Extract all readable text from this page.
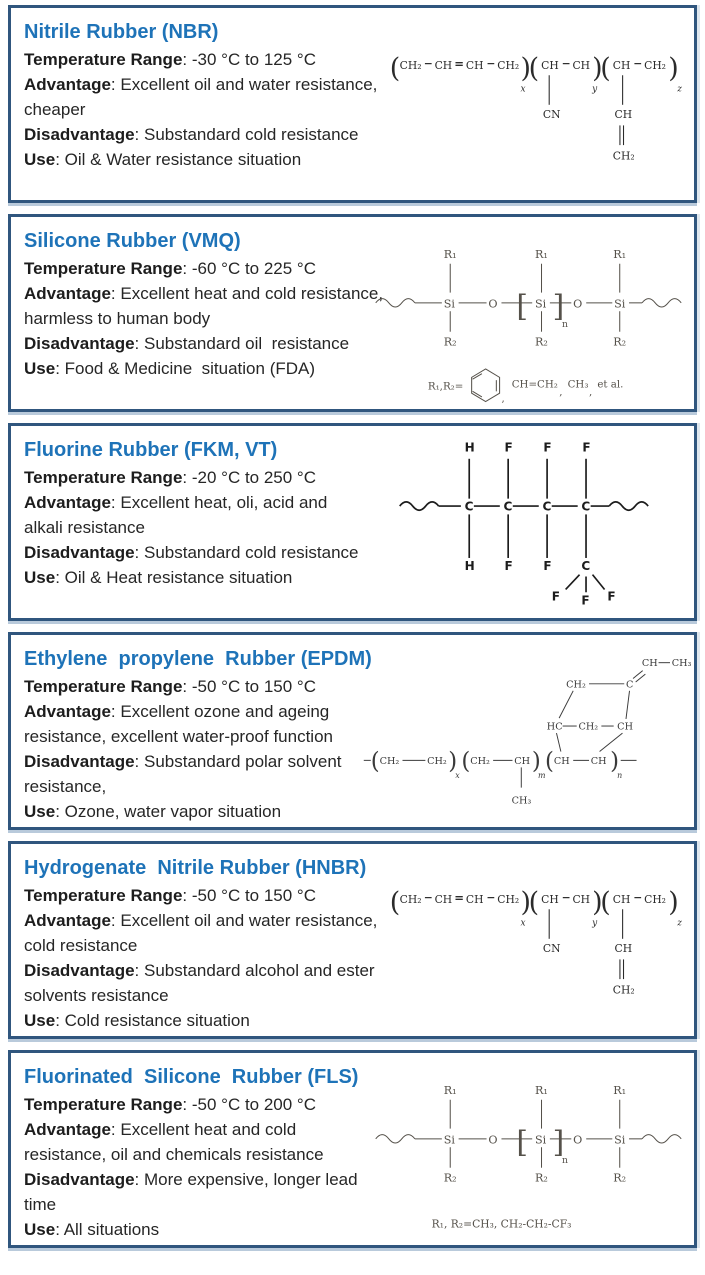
Nitrile Rubber (NBR)

Temperature Range: -30 °C to 125 °C

Advantage: Excellent oil and water resistance, cheaper

Disadvantage: Substandard cold resistance

Use: Oil & Water resistance situation

( CH₂ − CH = CH − CH₂ )
(
x
CH − CH )
(
y
CH − CH₂ )
z
CN	CH
CH₂
Silicone Rubber (VMQ)

Temperature Range: -60 °C to 225 °C

Advantage: Excellent heat and cold resistance, harmless to human body

Disadvantage: Substandard oil  resistance

Use: Food & Medicine  situation (FDA)

Si	O	Si O	Si
[ ]
n
R₁	R₁	R₁
R₂	R₂	R₂
R₁,R₂=
,
CH=CH₂
,
CH₃
,
et al.
Fluorine Rubber (FKM, VT)

Temperature Range: -20 °C to 250 °C

Advantage: Excellent heat, oli, acid and alkali resistance

Disadvantage: Substandard cold resistance

Use: Oil & Heat resistance situation

H F F F
C C C C
H F F C
F F F
Ethylene  propylene  Rubber (EPDM)

Temperature Range: -50 °C to 150 °C

Advantage: Excellent ozone and ageing resistance, excellent water-proof function

Disadvantage: Substandard polar solvent resistance,

Use: Ozone, water vapor situation

( CH₂	CH₂ )
x
( CH₂ CH )
m
( CH CH )
n
CH₃
HC CH₂ CH
CH₂	C
CH CH₃
Hydrogenate  Nitrile Rubber (HNBR)

Temperature Range: -50 °C to 150 °C

Advantage: Excellent oil and water resistance, cold resistance

Disadvantage: Substandard alcohol and ester solvents resistance

Use: Cold resistance situation

( CH₂ − CH = CH − CH₂ )
(
x
CH − CH )
(
y
CH − CH₂ )
z
CN	CH
CH₂
Fluorinated  Silicone  Rubber (FLS)

Temperature Range: -50 °C to 200 °C

Advantage: Excellent heat and cold resistance, oil and chemicals resistance

Disadvantage: More expensive, longer lead time

Use: All situations

Si	O	Si O	Si
[ ]
n
R₁	R₁	R₁
R₂	R₂	R₂
R₁, R₂=CH₃, CH₂-CH₂-CF₃
